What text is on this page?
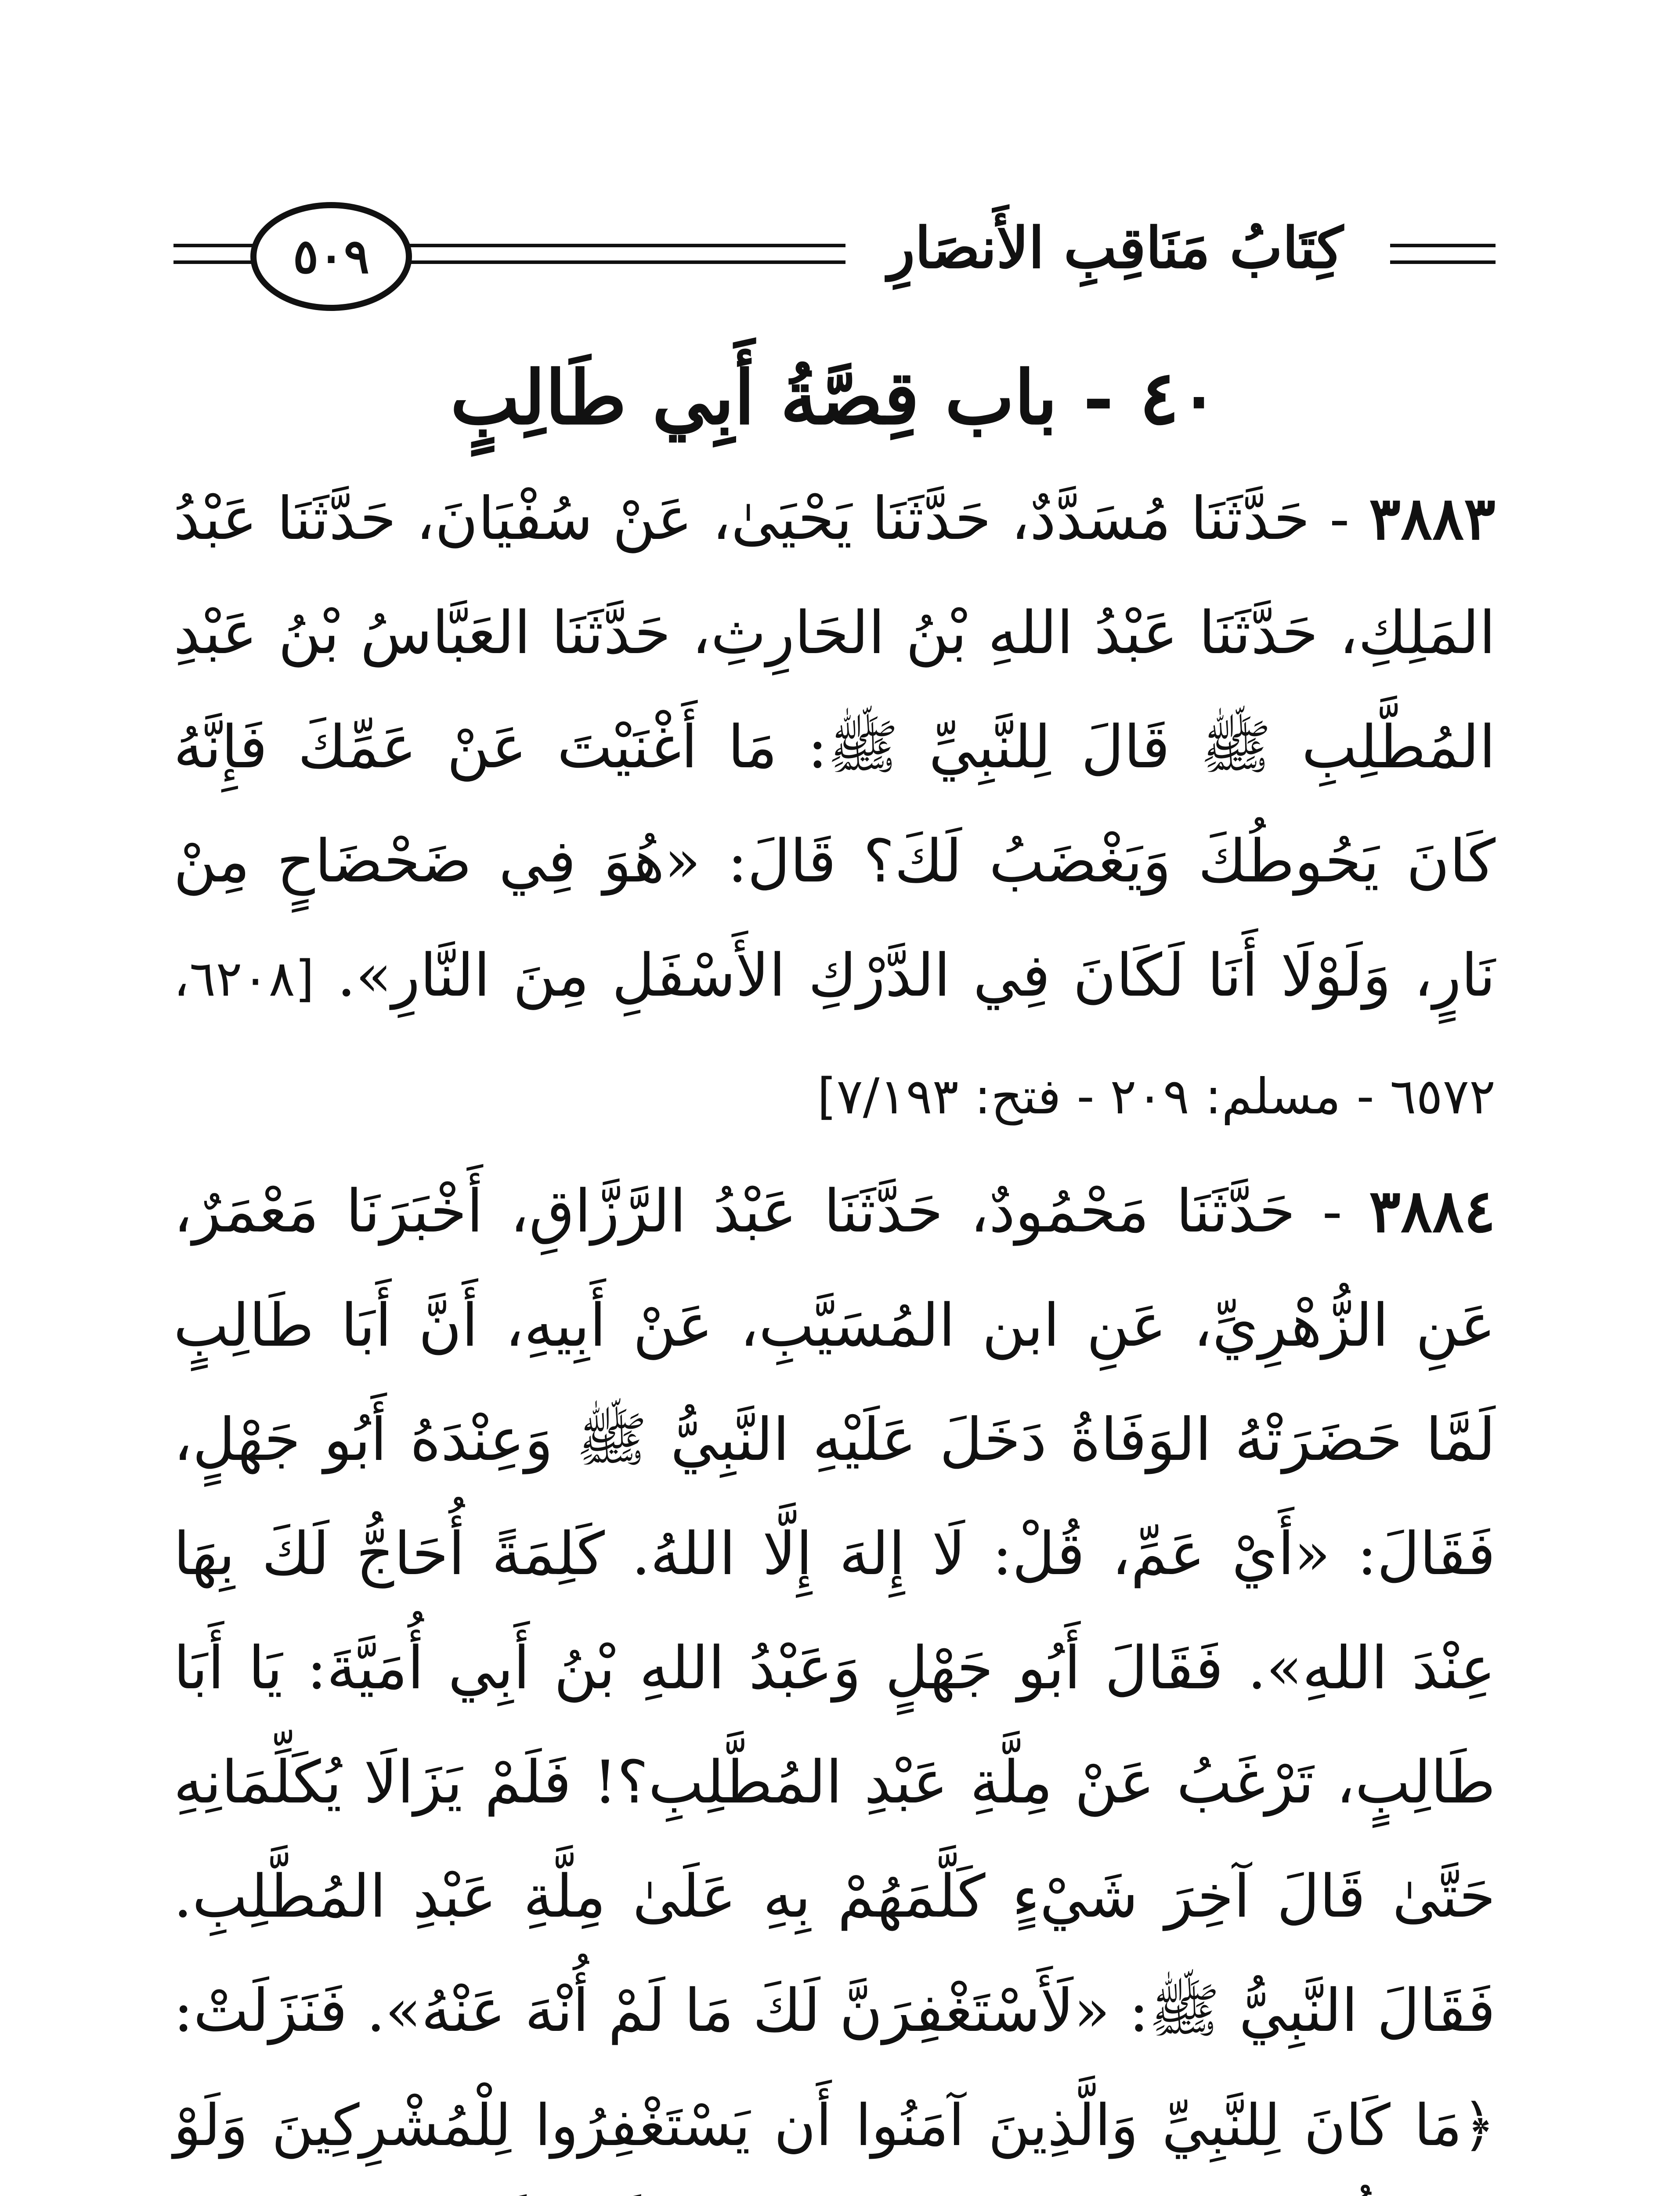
٥٠٩	كِتَابُ مَنَاقِبِ الأَنصَارِ
٤٠ - باب قِصَّةُ أَبِي طَالِبٍ

٣٨٨٣ - حَدَّثَنَا مُسَدَّدٌ، حَدَّثَنَا يَحْيَىٰ، عَنْ سُفْيَانَ، حَدَّثَنَا عَبْدُ المَلِكِ، حَدَّثَنَا عَبْدُ اللهِ بْنُ الحَارِثِ، حَدَّثَنَا العَبَّاسُ بْنُ عَبْدِ المُطَّلِبِ ﷺ قَالَ لِلنَّبِيِّ ﷺ: مَا أَغْنَيْتَ عَنْ عَمِّكَ فَإِنَّهُ كَانَ يَحُوطُكَ وَيَغْضَبُ لَكَ؟ قَالَ: «هُوَ فِي ضَحْضَاحٍ مِنْ نَارٍ، وَلَوْلَا أَنَا لَكَانَ فِي الدَّرْكِ الأَسْفَلِ مِنَ النَّارِ». [٦٢٠٨، ٦٥٧٢ - مسلم: ٢٠٩ - فتح: ٧/١٩٣]

٣٨٨٤ - حَدَّثَنَا مَحْمُودٌ، حَدَّثَنَا عَبْدُ الرَّزَّاقِ، أَخْبَرَنَا مَعْمَرٌ، عَنِ الزُّهْرِيِّ، عَنِ ابن المُسَيَّبِ، عَنْ أَبِيهِ، أَنَّ أَبَا طَالِبٍ لَمَّا حَضَرَتْهُ الوَفَاةُ دَخَلَ عَلَيْهِ النَّبِيُّ ﷺ وَعِنْدَهُ أَبُو جَهْلٍ، فَقَالَ: «أَيْ عَمِّ، قُلْ: لَا إِلهَ إِلَّا اللهُ. كَلِمَةً أُحَاجُّ لَكَ بِهَا عِنْدَ اللهِ». فَقَالَ أَبُو جَهْلٍ وَعَبْدُ اللهِ بْنُ أَبِي أُمَيَّةَ: يَا أَبَا طَالِبٍ، تَرْغَبُ عَنْ مِلَّةِ عَبْدِ المُطَّلِبِ؟! فَلَمْ يَزَالَا يُكَلِّمَانِهِ حَتَّىٰ قَالَ آخِرَ شَيْءٍ كَلَّمَهُمْ بِهِ عَلَىٰ مِلَّةِ عَبْدِ المُطَّلِبِ. فَقَالَ النَّبِيُّ ﷺ: «لَأَسْتَغْفِرَنَّ لَكَ مَا لَمْ أُنْهَ عَنْهُ». فَنَزَلَتْ: ﴿مَا كَانَ لِلنَّبِيِّ وَالَّذِينَ آمَنُوا أَن يَسْتَغْفِرُوا لِلْمُشْرِكِينَ وَلَوْ
